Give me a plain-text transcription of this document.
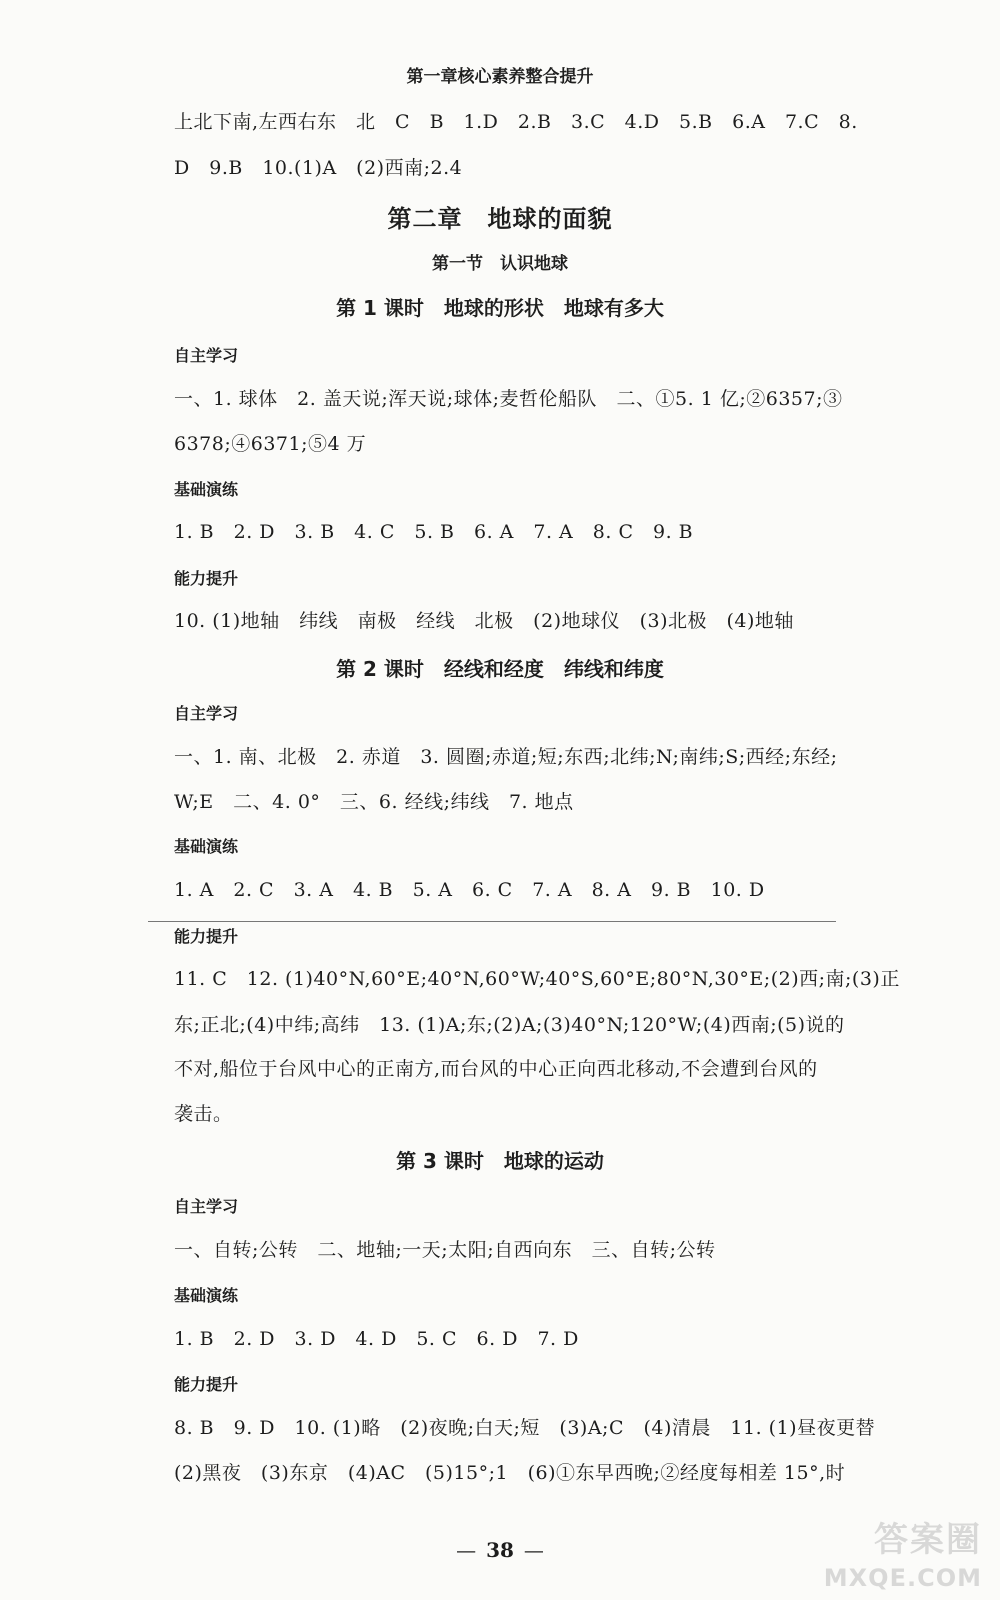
第一章核心素养整合提升
上北下南,左西右东　北　C　B　1.D　2.B　3.C　4.D　5.B　6.A　7.C　8.
D　9.B　10.(1)A　(2)西南;2.4
第二章　地球的面貌
第一节　认识地球
第 1 课时　地球的形状　地球有多大
自主学习
一、1. 球体　2. 盖天说;浑天说;球体;麦哲伦船队　二、①5. 1 亿;②6357;③
6378;④6371;⑤4 万
基础演练
1. B　2. D　3. B　4. C　5. B　6. A　7. A　8. C　9. B
能力提升
10. (1)地轴　纬线　南极　经线　北极　(2)地球仪　(3)北极　(4)地轴
第 2 课时　经线和经度　纬线和纬度
自主学习
一、1. 南、北极　2. 赤道　3. 圆圈;赤道;短;东西;北纬;N;南纬;S;西经;东经;
W;E　二、4. 0°　三、6. 经线;纬线　7. 地点
基础演练
1. A　2. C　3. A　4. B　5. A　6. C　7. A　8. A　9. B　10. D
能力提升
11. C　12. (1)40°N,60°E;40°N,60°W;40°S,60°E;80°N,30°E;(2)西;南;(3)正
东;正北;(4)中纬;高纬　13. (1)A;东;(2)A;(3)40°N;120°W;(4)西南;(5)说的
不对,船位于台风中心的正南方,而台风的中心正向西北移动,不会遭到台风的
袭击。
第 3 课时　地球的运动
自主学习
一、自转;公转　二、地轴;一天;太阳;自西向东　三、自转;公转
基础演练
1. B　2. D　3. D　4. D　5. C　6. D　7. D
能力提升
8. B　9. D　10. (1)略　(2)夜晚;白天;短　(3)A;C　(4)清晨　11. (1)昼夜更替
(2)黑夜　(3)东京　(4)AC　(5)15°;1　(6)①东早西晚;②经度每相差 15°,时
— 38 —	答案圈
MXQE.COM
